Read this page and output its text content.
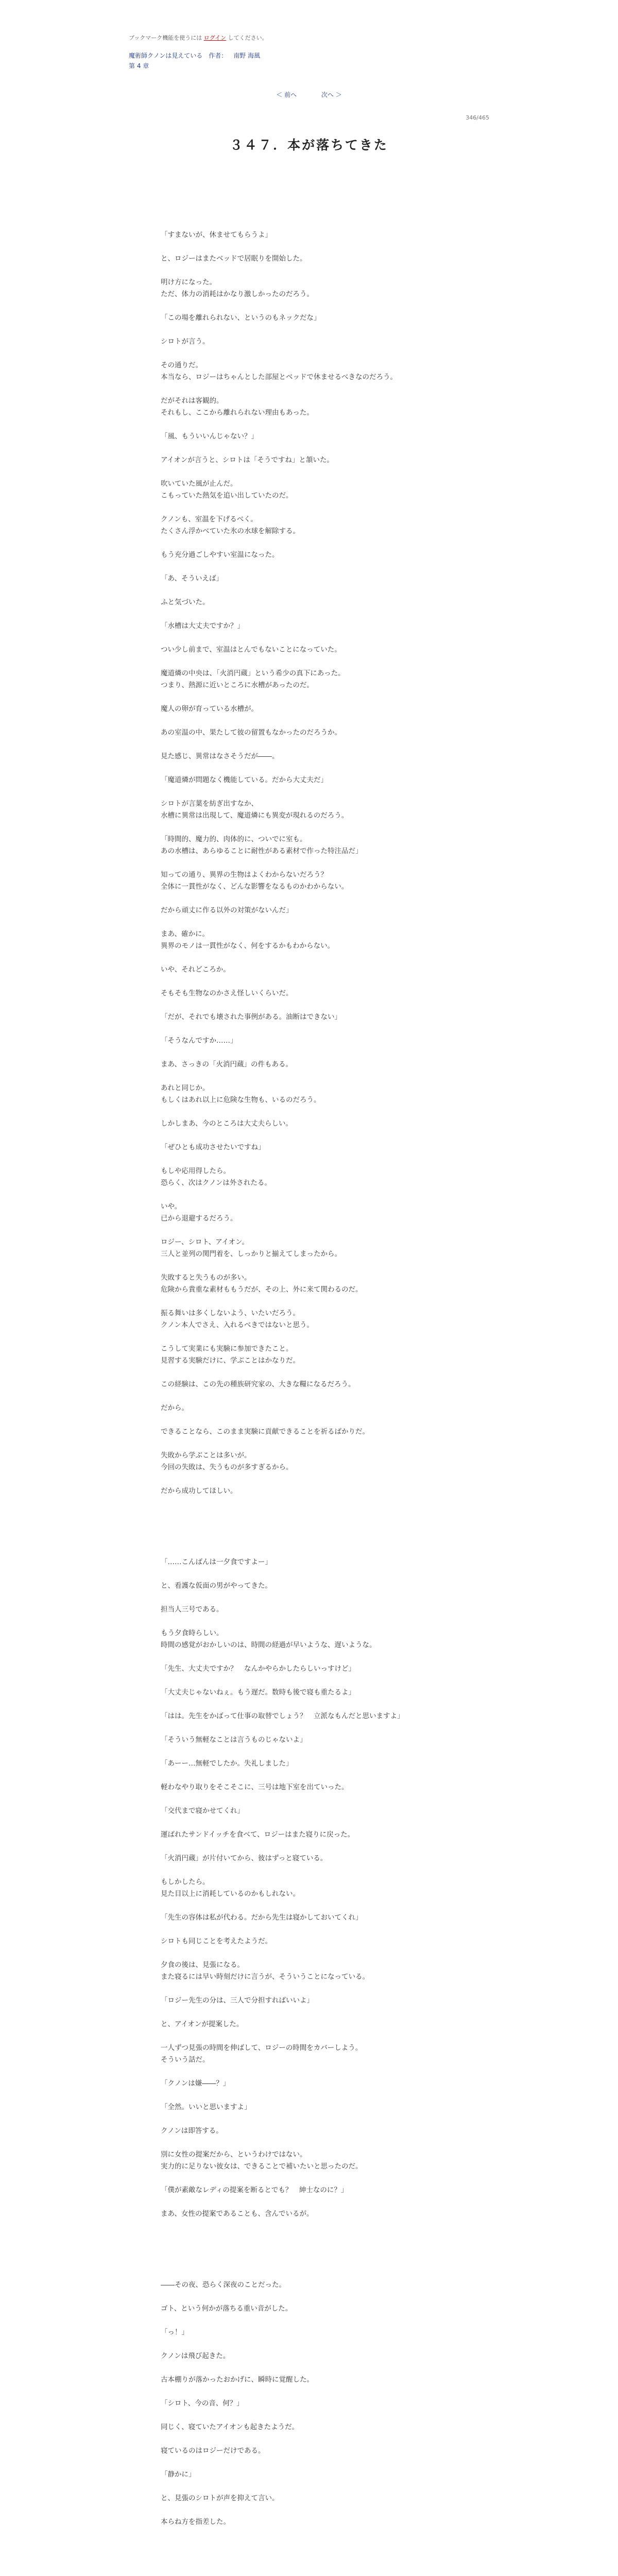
ブックマーク機能を使うには ログイン してください。
魔術師クノンは見えている 作者： 南野 海風
第 4 章
＜ 前へ	次へ ＞
346/465
３４７．本が落ちてきた

「すまないが、休ませてもらうよ」

と、ロジーはまたベッドで居眠りを開始した。

明け方になった。

ただ、体力の消耗はかなり激しかったのだろう。

「この場を離れられない、というのもネックだな」

シロトが言う。

その通りだ。

本当なら、ロジーはちゃんとした部屋とベッドで休ませるべきなのだろう。

だがそれは客観的。

それもし、ここから離れられない理由もあった。

「風、もういいんじゃない？」

アイオンが言うと、シロトは「そうですね」と頷いた。

吹いていた風が止んだ。

こもっていた熱気を追い出していたのだ。

クノンも、室温を下げるべく。

たくさん浮かべていた氷の水球を解除する。

もう充分過ごしやすい室温になった。

「あ、そういえば」

ふと気づいた。

「水槽は大丈夫ですか？」

つい少し前まで、室温はとんでもないことになっていた。

魔道燐の中央は、「火消円蔵」という希少の真下にあった。

つまり、熱源に近いところに水槽があったのだ。

魔人の卵が育っている水槽が。

あの室温の中、果たして彼の留置もなかったのだろうか。

見た感じ、異常はなさそうだが――。

「魔道燐が問題なく機能している。だから大丈夫だ」

シロトが言葉を紡ぎ出すなか、

水槽に異常は出現して、魔道燐にも異変が現れるのだろう。

「時間的、魔力的、肉体的に、ついでに室も。

あの水槽は、あらゆることに耐性がある素材で作った特注品だ」

知っての通り、異界の生物はよくわからないだろう？

全体に一貫性がなく、どんな影響をなるものかわからない。

だから頑丈に作る以外の対策がないんだ」

まあ、確かに。

異界のモノは一貫性がなく、何をするかもわからない。

いや、それどころか。

そもそも生物なのかさえ怪しいくらいだ。

「だが、それでも壊された事例がある。油断はできない」

「そうなんですか……」

まあ、さっきの「火消円蔵」の件もある。

あれと同じか。

もしくはあれ以上に危険な生物も、いるのだろう。

しかしまあ、今のところは大丈夫らしい。

「ぜひとも成功させたいですね」

もしや応用得したら。

恐らく、次はクノンは外されたる。

いや。

已から退避するだろう。

ロジー、シロト、アイオン。

三人と並列の関門着を、しっかりと揃えてしまったから。

失敗すると失うものが多い。

危険から貴重な素材ももうだが、その上、外に来て関わるのだ。

振る舞いは多くしないよう、いたいだろう。

クノン本人でさえ、入れるべきではないと思う。

こうして実業にも実験に参加できたこと。

見習する実験だけに、学ぶことはかなりだ。

この経験は、この先の種族研究家の、大きな糧になるだろう。

だから。

できることなら、このまま実験に貢献できることを祈るばかりだ。

失敗から学ぶことは多いが。

今回の失敗は、失うものが多すぎるから。

だから成功してほしい。

「……こんばんは一夕食ですよー」

と、看護な仮面の男がやってきた。

担当人三号である。

もう夕食時らしい。

時間の感覚がおかしいのは、時間の経過が早いような、遅いような。

「先生、大丈夫ですか？　なんかやらかしたらしいっすけど」

「大丈夫じゃないねぇ。もう遅だ。数時も後で寝も重たるよ」

「はは。先生をかばって仕事の取替でしょう？　立派なもんだと思いますよ」

「そういう無軽なことは言うものじゃないよ」

「あーー…無軽でしたか。失礼しました」

軽わなやり取りをそこそこに、三号は地下室を出ていった。

「交代まで寝かせてくれ」

運ばれたサンドイッチを食べて、ロジーはまた寝りに戻った。

「火消円蔵」が片付いてから、彼はずっと寝ている。

もしかしたら。

見た目以上に消耗しているのかもしれない。

「先生の容体は私が代わる。だから先生は寝かしておいてくれ」

シロトも同じことを考えたようだ。

夕食の後は、見張になる。

また寝るには早い時刻だけに言うが、そういうことになっている。

「ロジー先生の分は、三人で分担すればいいよ」

と、アイオンが提案した。

一人ずつ見張の時間を伸ばして、ロジーの時間をカバーしよう。

そういう話だ。

「クノンは嫌――？」

「全然。いいと思いますよ」

クノンは即答する。

別に女性の提案だから、というわけではない。

実力的に足りない彼女は、できることで補いたいと思ったのだ。

「僕が素敵なレディの提案を断るとでも？　紳士なのに？」

まあ、女性の提案であることも、含んでいるが。

――その夜、恐らく深夜のことだった。

ゴト、という何かが落ちる重い音がした。

「っ！」

クノンは飛び起きた。

古本棚りが落かったおかげに、瞬時に覚醒した。

「シロト、今の音、何？」

同じく、寝ていたアイオンも起きたようだ。

寝ているのはロジーだけである。

「静かに」

と、見張のシロトが声を抑えて言い。

本らね方を指差した。
